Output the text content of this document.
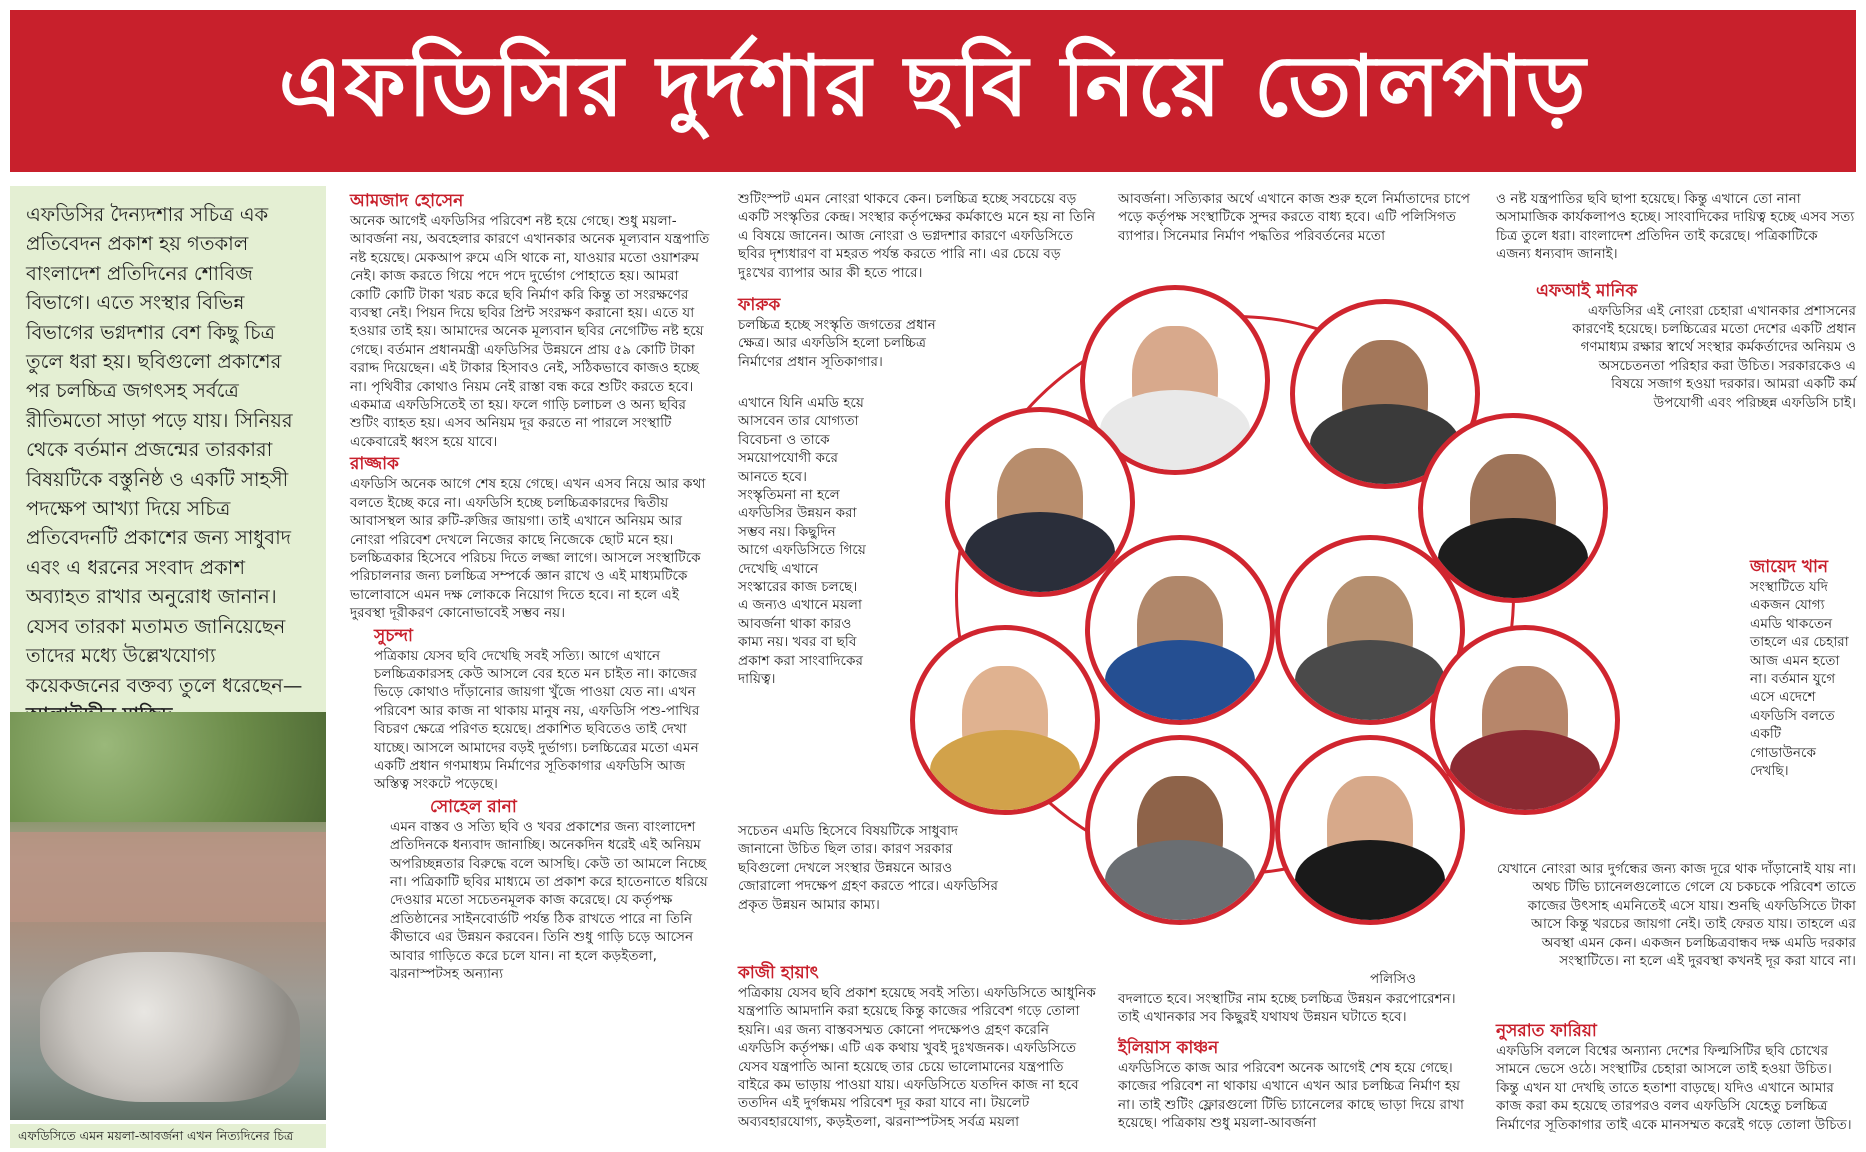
এফডিসির দুর্দশার ছবি নিয়ে তোলপাড়

এফডিসির দৈন্যদশার সচিত্র এক প্রতিবেদন প্রকাশ হয় গতকাল বাংলাদেশ প্রতিদিনের শোবিজ বিভাগে। এতে সংস্থার বিভিন্ন বিভাগের ভগ্নদশার বেশ কিছু চিত্র তুলে ধরা হয়। ছবিগুলো প্রকাশের পর চলচ্চিত্র জগৎসহ সর্বত্রে রীতিমতো সাড়া পড়ে যায়। সিনিয়র থেকে বর্তমান প্রজন্মের তারকারা বিষয়টিকে বস্তুনিষ্ঠ ও একটি সাহসী পদক্ষেপ আখ্যা দিয়ে সচিত্র প্রতিবেদনটি প্রকাশের জন্য সাধুবাদ এবং এ ধরনের সংবাদ প্রকাশ অব্যাহত রাখার অনুরোধ জানান। যেসব তারকা মতামত জানিয়েছেন তাদের মধ্যে উল্লেখযোগ্য কয়েকজনের বক্তব্য তুলে ধরেছেন—

এফডিসিতে এমন ময়লা-আবর্জনা এখন নিত্যদিনের চিত্র
আমজাদ হোসেন

অনেক আগেই এফডিসির পরিবেশ নষ্ট হয়ে গেছে। শুধু ময়লা-আবর্জনা নয়, অবহেলার কারণে এখানকার অনেক মূল্যবান যন্ত্রপাতি নষ্ট হয়েছে। মেকআপ রুমে এসি থাকে না, যাওয়ার মতো ওয়াশরুম নেই। কাজ করতে গিয়ে পদে পদে দুর্ভোগ পোহাতে হয়। আমরা কোটি কোটি টাকা খরচ করে ছবি নির্মাণ করি কিন্তু তা সংরক্ষণের ব্যবস্থা নেই। পিয়ন দিয়ে ছবির প্রিন্ট সংরক্ষণ করানো হয়। এতে যা হওয়ার তাই হয়। আমাদের অনেক মূল্যবান ছবির নেগেটিভ নষ্ট হয়ে গেছে। বর্তমান প্রধানমন্ত্রী এফডিসির উন্নয়নে প্রায় ৫৯ কোটি টাকা বরাদ্দ দিয়েছেন। এই টাকার হিসাবও নেই, সঠিকভাবে কাজও হচ্ছে না। পৃথিবীর কোথাও নিয়ম নেই রাস্তা বন্ধ করে শুটিং করতে হবে। একমাত্র এফডিসিতেই তা হয়। ফলে গাড়ি চলাচল ও অন্য ছবির শুটিং ব্যাহত হয়। এসব অনিয়ম দূর করতে না পারলে সংস্থাটি একেবারেই ধ্বংস হয়ে যাবে।

রাজ্জাক

এফডিসি অনেক আগে শেষ হয়ে গেছে। এখন এসব নিয়ে আর কথা বলতে ইচ্ছে করে না। এফডিসি হচ্ছে চলচ্চিত্রকারদের দ্বিতীয় আবাসস্থল আর রুটি-রুজির জায়গা। তাই এখানে অনিয়ম আর নোংরা পরিবেশ দেখলে নিজের কাছে নিজেকে ছোট মনে হয়। চলচ্চিত্রকার হিসেবে পরিচয় দিতে লজ্জা লাগে। আসলে সংস্থাটিকে পরিচালনার জন্য চলচ্চিত্র সম্পর্কে জ্ঞান রাখে ও এই মাধ্যমটিকে ভালোবাসে এমন দক্ষ লোককে নিয়োগ দিতে হবে। না হলে এই দুরবস্থা দূরীকরণ কোনোভাবেই সম্ভব নয়।

সুচন্দা

পত্রিকায় যেসব ছবি দেখেছি সবই সত্যি। আগে এখানে চলচ্চিত্রকারসহ কেউ আসলে বের হতে মন চাইত না। কাজের ভিড়ে কোথাও দাঁড়ানোর জায়গা খুঁজে পাওয়া যেত না। এখন পরিবেশ আর কাজ না থাকায় মানুষ নয়, এফডিসি পশু-পাখির বিচরণ ক্ষেত্রে পরিণত হয়েছে। প্রকাশিত ছবিতেও তাই দেখা যাচ্ছে। আসলে আমাদের বড়ই দুর্ভাগ্য। চলচ্চিত্রের মতো এমন একটি প্রধান গণমাধ্যম নির্মাণের সূতিকাগার এফডিসি আজ অস্তিত্ব সংকটে পড়েছে।

সোহেল রানা

এমন বাস্তব ও সত্যি ছবি ও খবর প্রকাশের জন্য বাংলাদেশ প্রতিদিনকে ধন্যবাদ জানাচ্ছি। অনেকদিন ধরেই এই অনিয়ম অপরিচ্ছন্নতার বিরুদ্ধে বলে আসছি। কেউ তা আমলে নিচ্ছে না। পত্রিকাটি ছবির মাধ্যমে তা প্রকাশ করে হাতেনাতে ধরিয়ে দেওয়ার মতো সচেতনমূলক কাজ করেছে। যে কর্তৃপক্ষ প্রতিষ্ঠানের সাইনবোর্ডটি পর্যন্ত ঠিক রাখতে পারে না তিনি কীভাবে এর উন্নয়ন করবেন। তিনি শুধু গাড়ি চড়ে আসেন আবার গাড়িতে করে চলে যান। না হলে কড়ইতলা, ঝরনাস্পটসহ অন্যান্য

শুটিংস্পট এমন নোংরা থাকবে কেন। চলচ্চিত্র হচ্ছে সবচেয়ে বড় একটি সংস্কৃতির কেন্দ্র। সংস্থার কর্তৃপক্ষের কর্মকাণ্ডে মনে হয় না তিনি এ বিষয়ে জানেন। আজ নোংরা ও ভগ্নদশার কারণে এফডিসিতে ছবির দৃশ্যধারণ বা মহরত পর্যন্ত করতে পারি না। এর চেয়ে বড় দুঃখের ব্যাপার আর কী হতে পারে।

ফারুক

চলচ্চিত্র হচ্ছে সংস্কৃতি জগতের প্রধান ক্ষেত্র। আর এফডিসি হলো চলচ্চিত্র নির্মাণের প্রধান সূতিকাগার।

এখানে যিনি এমডি হয়ে আসবেন তার যোগ্যতা বিবেচনা ও তাকে সময়োপযোগী করে আনতে হবে। সংস্কৃতিমনা না হলে এফডিসির উন্নয়ন করা সম্ভব নয়। কিছুদিন আগে এফডিসিতে গিয়ে দেখেছি এখানে সংস্কারের কাজ চলছে। এ জন্যও এখানে ময়লা আবর্জনা থাকা কারও কাম্য নয়। খবর বা ছবি প্রকাশ করা সাংবাদিকের দায়িত্ব।
সচেতন এমডি হিসেবে বিষয়টিকে সাধুবাদ জানানো উচিত ছিল তার। কারণ সরকার ছবিগুলো দেখলে সংস্থার উন্নয়নে আরও জোরালো পদক্ষেপ গ্রহণ করতে পারে। এফডিসির প্রকৃত উন্নয়ন আমার কাম্য।
কাজী হায়াৎ

পত্রিকায় যেসব ছবি প্রকাশ হয়েছে সবই সত্যি। এফডিসিতে আধুনিক যন্ত্রপাতি আমদানি করা হয়েছে কিন্তু কাজের পরিবেশ গড়ে তোলা হয়নি। এর জন্য বাস্তবসম্মত কোনো পদক্ষেপও গ্রহণ করেনি এফডিসি কর্তৃপক্ষ। এটি এক কথায় খুবই দুঃখজনক। এফডিসিতে যেসব যন্ত্রপাতি আনা হয়েছে তার চেয়ে ভালোমানের যন্ত্রপাতি বাইরে কম ভাড়ায় পাওয়া যায়। এফডিসিতে যতদিন কাজ না হবে ততদিন এই দুর্গন্ধময় পরিবেশ দূর করা যাবে না। টয়লেট অব্যবহারযোগ্য, কড়ইতলা, ঝরনাস্পটসহ সর্বত্র ময়লা

আবর্জনা। সত্যিকার অর্থে এখানে কাজ শুরু হলে নির্মাতাদের চাপে পড়ে কর্তৃপক্ষ সংস্থাটিকে সুন্দর করতে বাধ্য হবে। এটি পলিসিগত ব্যাপার। সিনেমার নির্মাণ পদ্ধতির পরিবর্তনের মতো

পলিসিও

বদলাতে হবে। সংস্থাটির নাম হচ্ছে চলচ্চিত্র উন্নয়ন করপোরেশন। তাই এখানকার সব কিছুরই যথাযথ উন্নয়ন ঘটাতে হবে।

ইলিয়াস কাঞ্চন

এফডিসিতে কাজ আর পরিবেশ অনেক আগেই শেষ হয়ে গেছে। কাজের পরিবেশ না থাকায় এখানে এখন আর চলচ্চিত্র নির্মাণ হয় না। তাই শুটিং ফ্লোরগুলো টিভি চ্যানেলের কাছে ভাড়া দিয়ে রাখা হয়েছে। পত্রিকায় শুধু ময়লা-আবর্জনা

ও নষ্ট যন্ত্রপাতির ছবি ছাপা হয়েছে। কিন্তু এখানে তো নানা অসামাজিক কার্যকলাপও হচ্ছে। সাংবাদিকের দায়িত্ব হচ্ছে এসব সত্য চিত্র তুলে ধরা। বাংলাদেশ প্রতিদিন তাই করেছে। পত্রিকাটিকে এজন্য ধন্যবাদ জানাই।

এফআই মানিক

এফডিসির এই নোংরা চেহারা এখানকার প্রশাসনের কারণেই হয়েছে। চলচ্চিত্রের মতো দেশের একটি প্রধান গণমাধ্যম রক্ষার স্বার্থে সংস্থার কর্মকর্তাদের অনিয়ম ও অসচেতনতা পরিহার করা উচিত। সরকারকেও এ বিষয়ে সজাগ হওয়া দরকার। আমরা একটি কর্ম উপযোগী এবং পরিচ্ছন্ন এফডিসি চাই।

জায়েদ খান

সংস্থাটিতে যদি একজন যোগ্য এমডি থাকতেন তাহলে এর চেহারা আজ এমন হতো না। বর্তমান যুগে এসে এদেশে এফডিসি বলতে একটি গোডাউনকে দেখছি।

যেখানে নোংরা আর দুর্গন্ধের জন্য কাজ দূরে থাক দাঁড়ানোই যায় না। অথচ টিভি চ্যানেলগুলোতে গেলে যে চকচকে পরিবেশ তাতে কাজের উৎসাহ এমনিতেই এসে যায়। শুনছি এফডিসিতে টাকা আসে কিন্তু খরচের জায়গা নেই। তাই ফেরত যায়। তাহলে এর অবস্থা এমন কেন। একজন চলচ্চিত্রবান্ধব দক্ষ এমডি দরকার সংস্থাটিতে। না হলে এই দুরবস্থা কখনই দূর করা যাবে না।
নুসরাত ফারিয়া

এফডিসি বললে বিশ্বের অন্যান্য দেশের ফিল্মসিটির ছবি চোখের সামনে ভেসে ওঠে। সংস্থাটির চেহারা আসলে তাই হওয়া উচিত। কিন্তু এখন যা দেখছি তাতে হতাশা বাড়ছে। যদিও এখানে আমার কাজ করা কম হয়েছে তারপরও বলব এফডিসি যেহেতু চলচ্চিত্র নির্মাণের সূতিকাগার তাই একে মানসম্মত করেই গড়ে তোলা উচিত।
